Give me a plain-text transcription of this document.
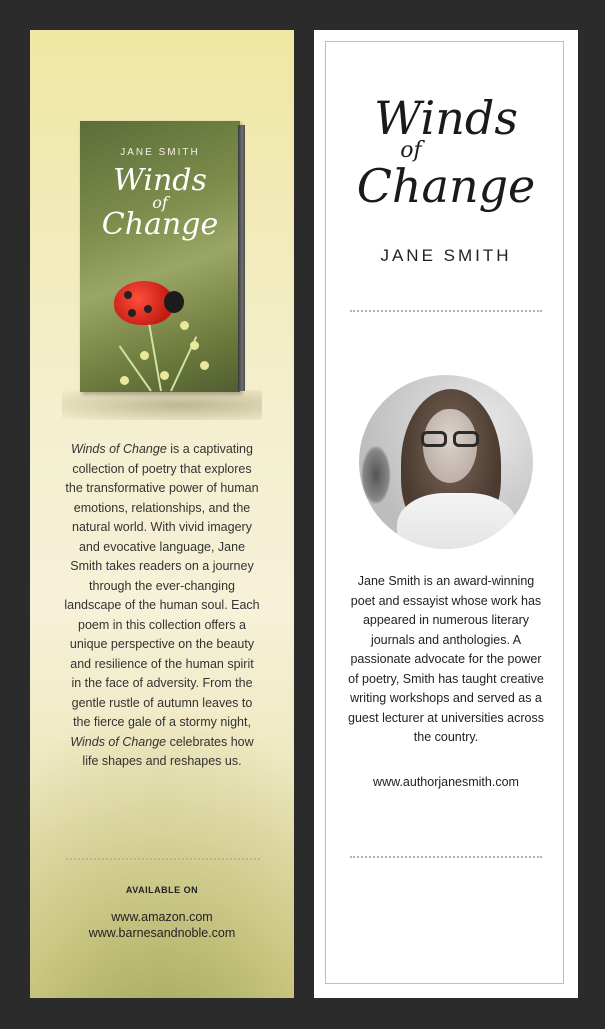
JANE SMITH
Winds
of
Change
Winds of Change is a captivating collection of poetry that explores the transformative power of human emotions, relationships, and the natural world. With vivid imagery and evocative language, Jane Smith takes readers on a journey through the ever-changing landscape of the human soul. Each poem in this collection offers a unique perspective on the beauty and resilience of the human spirit in the face of adversity. From the gentle rustle of autumn leaves to the fierce gale of a stormy night, Winds of Change celebrates how life shapes and reshapes us.
AVAILABLE ON
www.amazon.com
www.barnesandnoble.com
Winds
of
Change
JANE SMITH
Jane Smith is an award-winning poet and essayist whose work has appeared in numerous literary journals and anthologies. A passionate advocate for the power of poetry, Smith has taught creative writing workshops and served as a guest lecturer at universities across the country.
www.authorjanesmith.com
